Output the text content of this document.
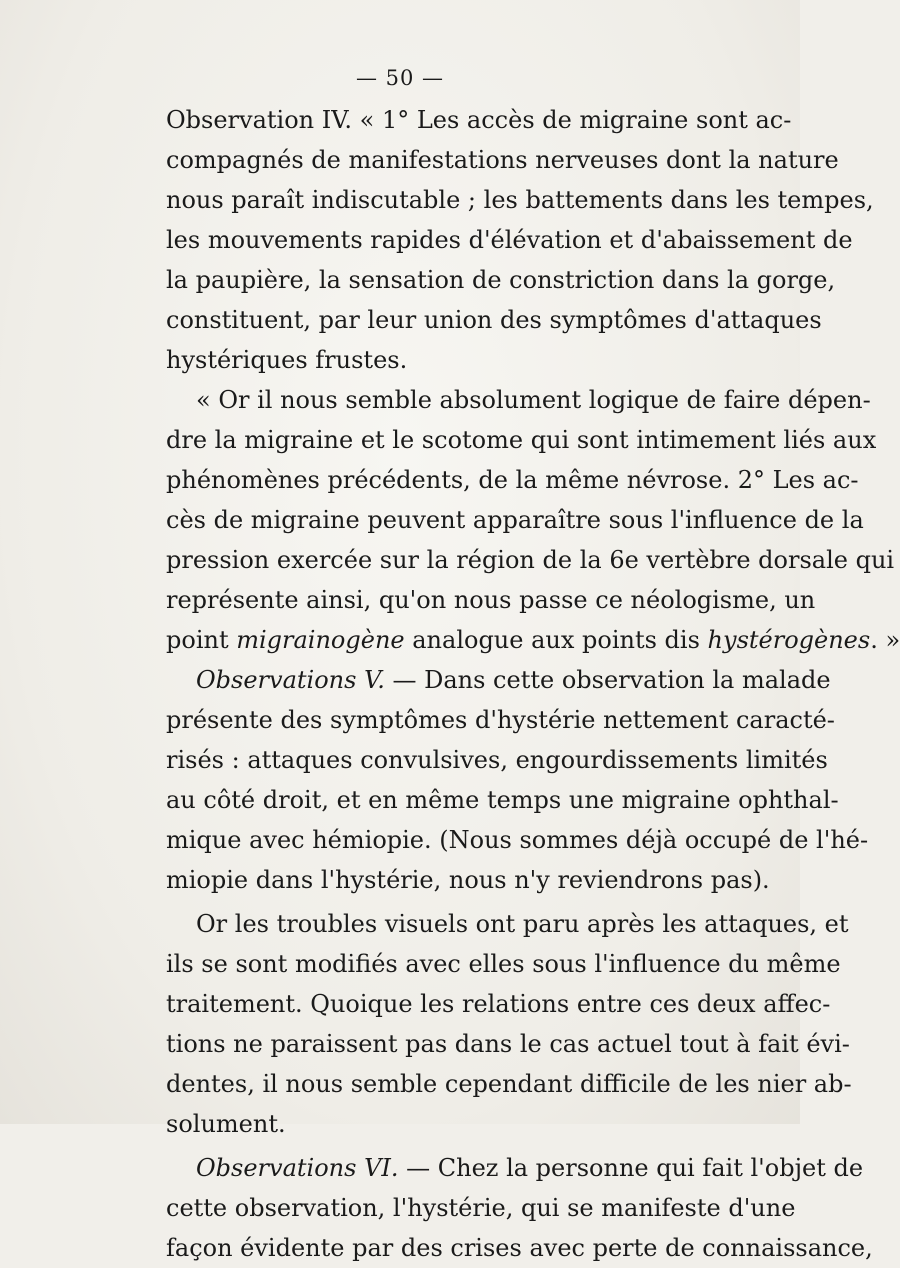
— 50 —
Observation IV. « 1° Les accès de migraine sont ac-
compagnés de manifestations nerveuses dont la nature
nous paraît indiscutable ; les battements dans les tempes,
les mouvements rapides d'élévation et d'abaissement de
la paupière, la sensation de constriction dans la gorge,
constituent, par leur union des symptômes d'attaques
hystériques frustes.
« Or il nous semble absolument logique de faire dépen-
dre la migraine et le scotome qui sont intimement liés aux
phénomènes précédents, de la même névrose. 2° Les ac-
cès de migraine peuvent apparaître sous l'influence de la
pression exercée sur la région de la 6e vertèbre dorsale qui
représente ainsi, qu'on nous passe ce néologisme, un
point migrainogène analogue aux points dis hystérogènes. »
Observations V. — Dans cette observation la malade
présente des symptômes d'hystérie nettement caracté-
risés : attaques convulsives, engourdissements limités
au côté droit, et en même temps une migraine ophthal-
mique avec hémiopie. (Nous sommes déjà occupé de l'hé-
miopie dans l'hystérie, nous n'y reviendrons pas).
Or les troubles visuels ont paru après les attaques, et
ils se sont modifiés avec elles sous l'influence du même
traitement. Quoique les relations entre ces deux affec-
tions ne paraissent pas dans le cas actuel tout à fait évi-
dentes, il nous semble cependant difficile de les nier ab-
solument.
Observations VI. — Chez la personne qui fait l'objet de
cette observation, l'hystérie, qui se manifeste d'une
façon évidente par des crises avec perte de connaissance,
